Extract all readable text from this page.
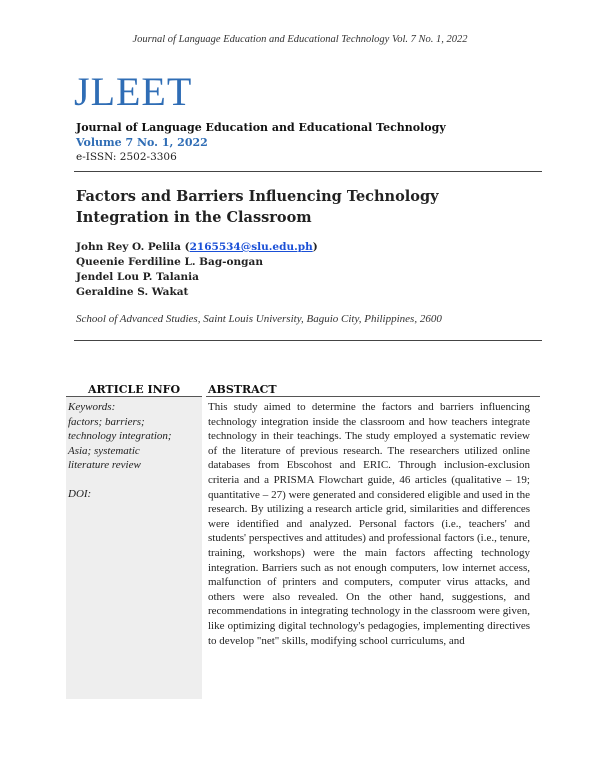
Journal of Language Education and Educational Technology Vol. 7 No. 1, 2022
JLEET
Journal of Language Education and Educational Technology
Volume 7 No. 1, 2022
e-ISSN: 2502-3306
Factors and Barriers Influencing Technology Integration in the Classroom
John Rey O. Pelila (2165534@slu.edu.ph)
Queenie Ferdiline L. Bag-ongan
Jendel Lou P. Talania
Geraldine S. Wakat
School of Advanced Studies, Saint Louis University, Baguio City, Philippines, 2600
ARTICLE INFO	ABSTRACT
Keywords:
factors; barriers;
technology integration;
Asia; systematic
literature review
DOI:
This study aimed to determine the factors and barriers influencing technology integration inside the classroom and how teachers integrate technology in their teachings. The study employed a systematic review of the literature of previous research. The researchers utilized online databases from Ebscohost and ERIC. Through inclusion-exclusion criteria and a PRISMA Flowchart guide, 46 articles (qualitative – 19; quantitative – 27) were generated and considered eligible and used in the research. By utilizing a research article grid, similarities and differences were identified and analyzed. Personal factors (i.e., teachers' and students' perspectives and attitudes) and professional factors (i.e., tenure, training, workshops) were the main factors affecting technology integration. Barriers such as not enough computers, low internet access, malfunction of printers and computers, computer virus attacks, and others were also revealed. On the other hand, suggestions, and recommendations in integrating technology in the classroom were given, like optimizing digital technology's pedagogies, implementing directives to develop "net" skills, modifying school curriculums, and
